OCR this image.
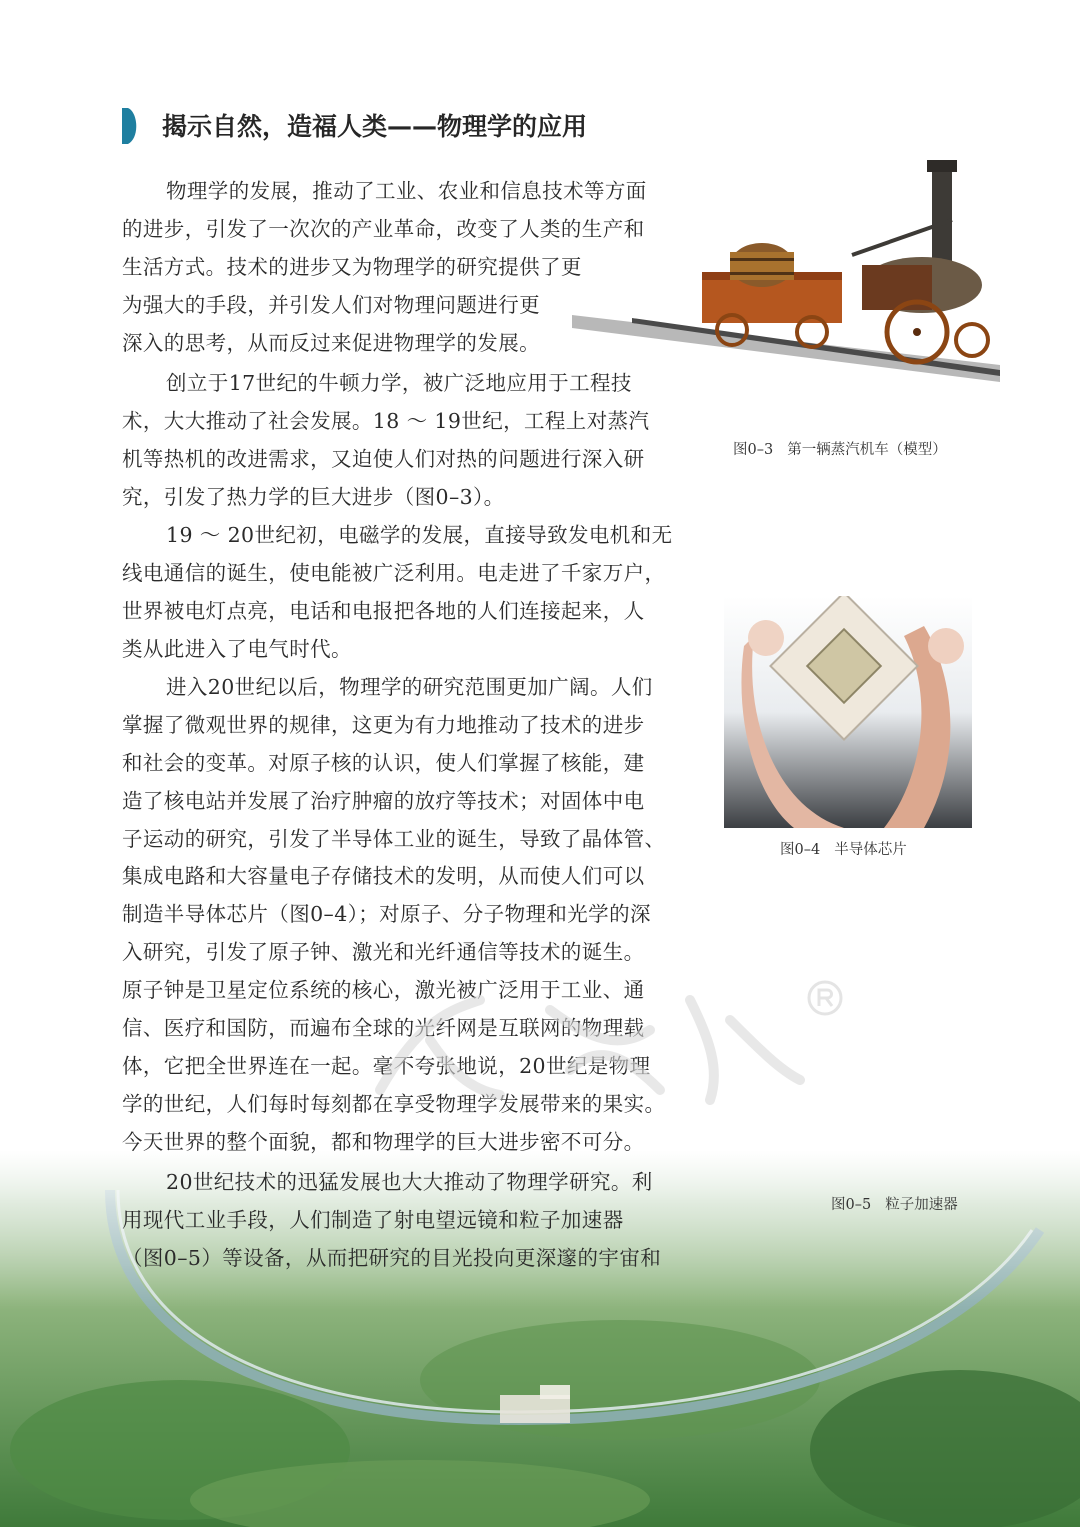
揭示自然，造福人类——物理学的应用
物理学的发展，推动了工业、农业和信息技术等方面
的进步，引发了一次次的产业革命，改变了人类的生产和
生活方式。技术的进步又为物理学的研究提供了更
为强大的手段，并引发人们对物理问题进行更
深入的思考，从而反过来促进物理学的发展。
创立于17世纪的牛顿力学，被广泛地应用于工程技
术，大大推动了社会发展。18 ～ 19世纪，工程上对蒸汽
机等热机的改进需求，又迫使人们对热的问题进行深入研
究，引发了热力学的巨大进步（图0–3）。
19 ～ 20世纪初，电磁学的发展，直接导致发电机和无
线电通信的诞生，使电能被广泛利用。电走进了千家万户，
世界被电灯点亮，电话和电报把各地的人们连接起来，人
类从此进入了电气时代。
进入20世纪以后，物理学的研究范围更加广阔。人们
掌握了微观世界的规律，这更为有力地推动了技术的进步
和社会的变革。对原子核的认识，使人们掌握了核能，建
造了核电站并发展了治疗肿瘤的放疗等技术；对固体中电
子运动的研究，引发了半导体工业的诞生，导致了晶体管、
集成电路和大容量电子存储技术的发明，从而使人们可以
制造半导体芯片（图0–4）；对原子、分子物理和光学的深
入研究，引发了原子钟、激光和光纤通信等技术的诞生。
原子钟是卫星定位系统的核心，激光被广泛用于工业、通
信、医疗和国防，而遍布全球的光纤网是互联网的物理载
体，它把全世界连在一起。毫不夸张地说，20世纪是物理
学的世纪，人们每时每刻都在享受物理学发展带来的果实。
今天世界的整个面貌，都和物理学的巨大进步密不可分。
20世纪技术的迅猛发展也大大推动了物理学研究。利
用现代工业手段，人们制造了射电望远镜和粒子加速器
（图0–5）等设备，从而把研究的目光投向更深邃的宇宙和

图0–3 第一辆蒸汽机车（模型）

图0–4 半导体芯片

图0–5 粒子加速器
